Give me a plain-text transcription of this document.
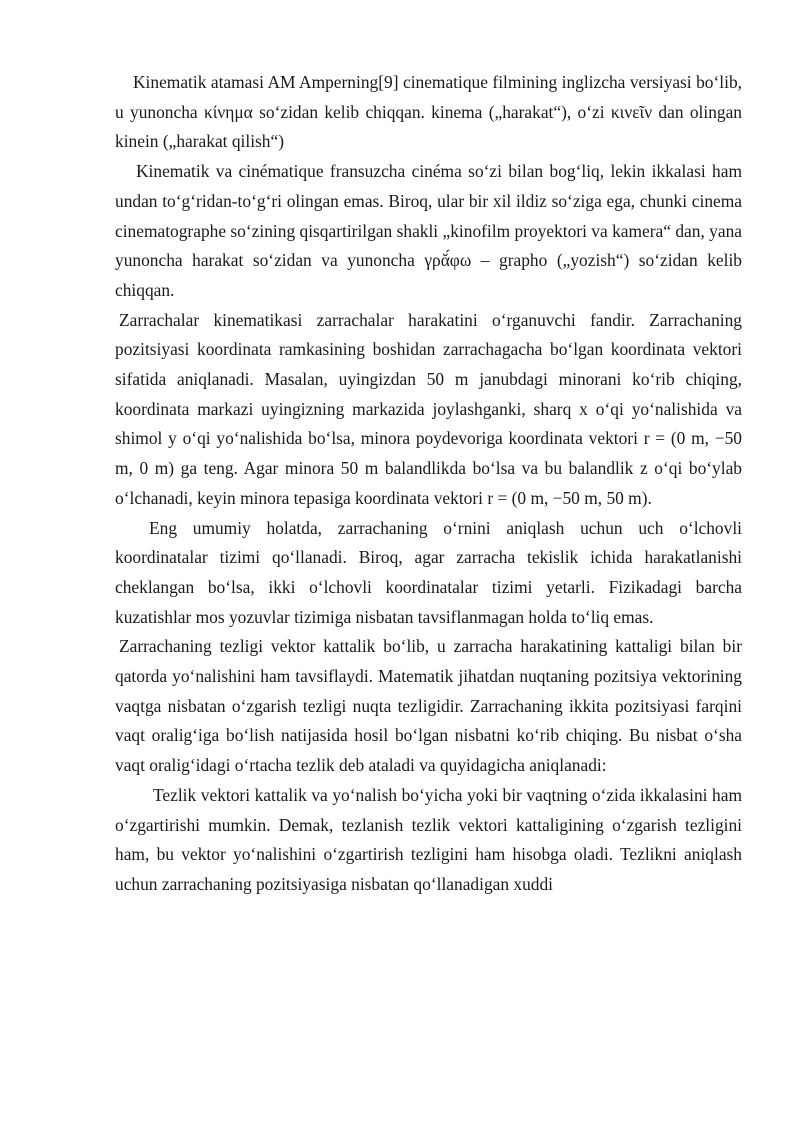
Kinematik atamasi AM Amperning[9] cinematique filmining inglizcha versiyasi bo‘lib, u yunoncha κίνημα so‘zidan kelib chiqqan. kinema („harakat“), o‘zi κινεῖν dan olingan kinein („harakat qilish“)

Kinematik va cinématique fransuzcha cinéma so‘zi bilan bog‘liq, lekin ikkalasi ham undan to‘g‘ridan-to‘g‘ri olingan emas. Biroq, ular bir xil ildiz so‘ziga ega, chunki cinema cinematographe so‘zining qisqartirilgan shakli „kinofilm proyektori va kamera“ dan, yana yunoncha harakat so‘zidan va yunoncha γρᾰ́φω – grapho („yozish“) so‘zidan kelib chiqqan.

Zarrachalar kinematikasi zarrachalar harakatini o‘rganuvchi fandir. Zarrachaning pozitsiyasi koordinata ramkasining boshidan zarrachagacha bo‘lgan koordinata vektori sifatida aniqlanadi. Masalan, uyingizdan 50 m janubdagi minorani ko‘rib chiqing, koordinata markazi uyingizning markazida joylashganki, sharq x o‘qi yo‘nalishida va shimol y o‘qi yo‘nalishida bo‘lsa, minora poydevoriga koordinata vektori r = (0 m, −50 m, 0 m) ga teng. Agar minora 50 m balandlikda bo‘lsa va bu balandlik z o‘qi bo‘ylab o‘lchanadi, keyin minora tepasiga koordinata vektori r = (0 m, −50 m, 50 m).

Eng umumiy holatda, zarrachaning o‘rnini aniqlash uchun uch o‘lchovli koordinatalar tizimi qo‘llanadi. Biroq, agar zarracha tekislik ichida harakatlanishi cheklangan bo‘lsa, ikki o‘lchovli koordinatalar tizimi yetarli. Fizikadagi barcha kuzatishlar mos yozuvlar tizimiga nisbatan tavsiflanmagan holda to‘liq emas.

Zarrachaning tezligi vektor kattalik bo‘lib, u zarracha harakatining kattaligi bilan bir qatorda yo‘nalishini ham tavsiflaydi. Matematik jihatdan nuqtaning pozitsiya vektorining vaqtga nisbatan o‘zgarish tezligi nuqta tezligidir. Zarrachaning ikkita pozitsiyasi farqini vaqt oralig‘iga bo‘lish natijasida hosil bo‘lgan nisbatni ko‘rib chiqing. Bu nisbat o‘sha vaqt oralig‘idagi o‘rtacha tezlik deb ataladi va quyidagicha aniqlanadi:

Tezlik vektori kattalik va yo‘nalish bo‘yicha yoki bir vaqtning o‘zida ikkalasini ham o‘zgartirishi mumkin. Demak, tezlanish tezlik vektori kattaligining o‘zgarish tezligini ham, bu vektor yo‘nalishini o‘zgartirish tezligini ham hisobga oladi. Tezlikni aniqlash uchun zarrachaning pozitsiyasiga nisbatan qo‘llanadigan xuddi
